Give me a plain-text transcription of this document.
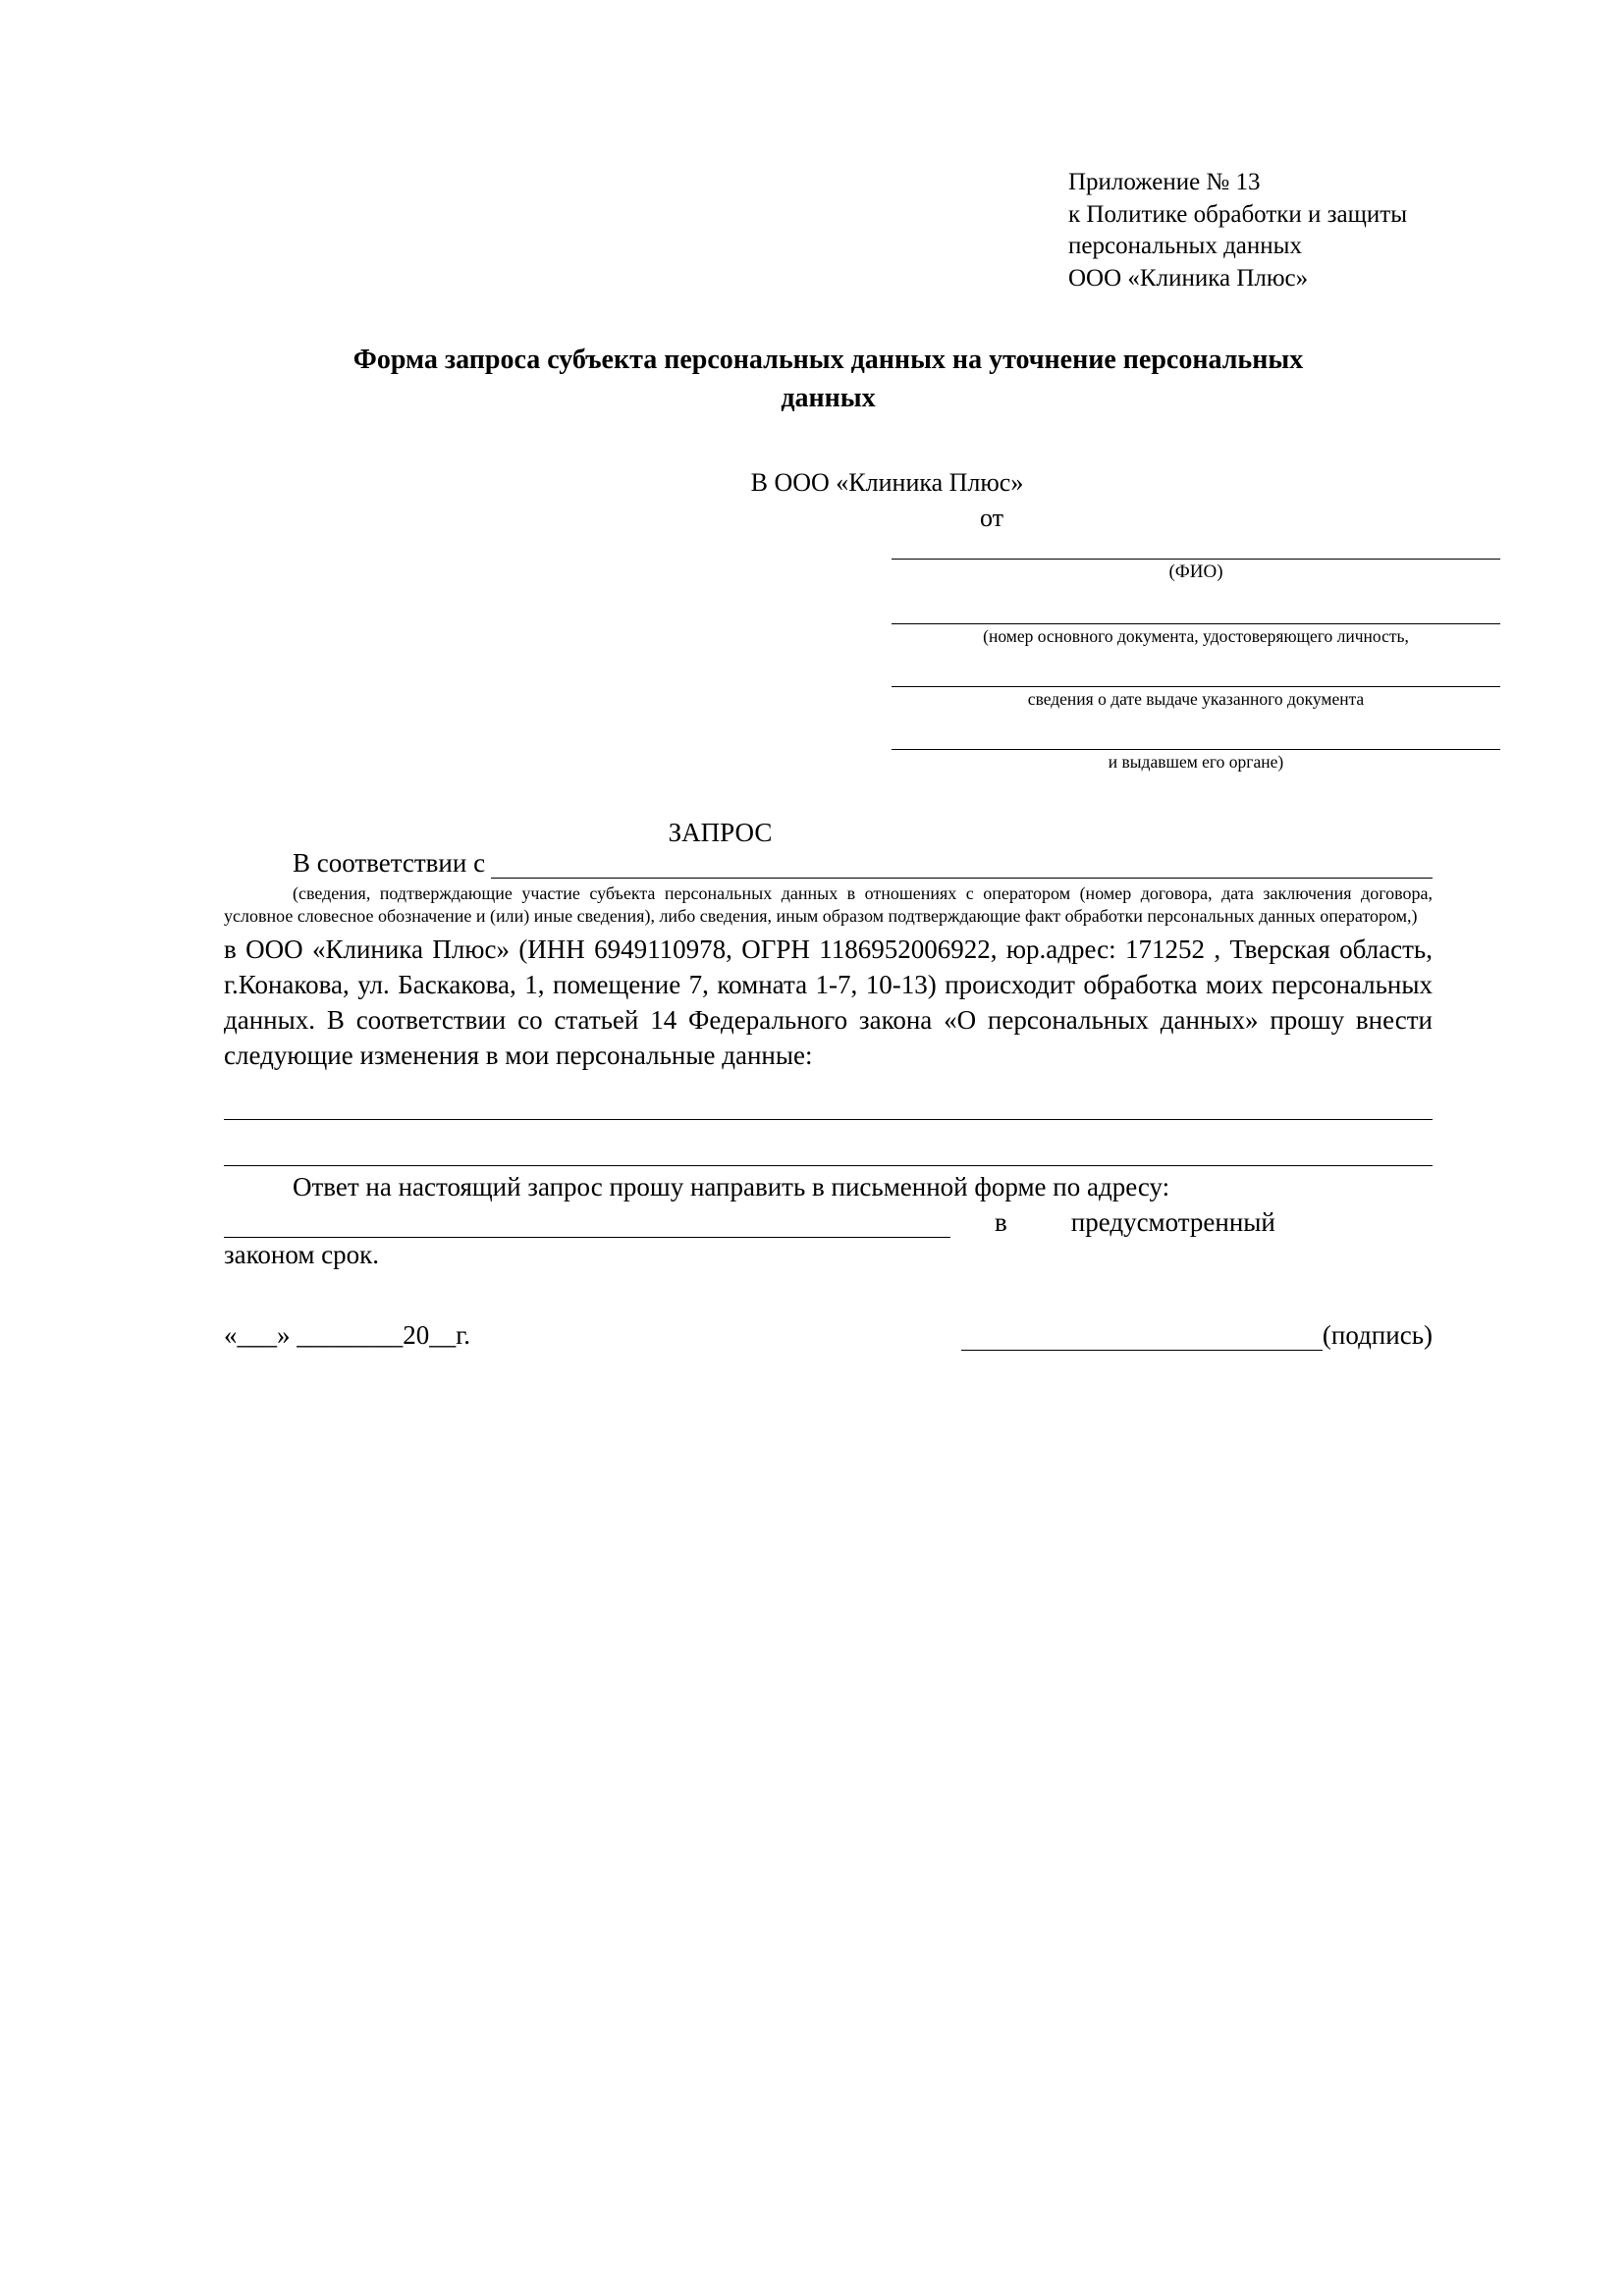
Приложение № 13
к Политике обработки и защиты
персональных данных
ООО «Клиника Плюс»
Форма запроса субъекта персональных данных на уточнение персональных данных
В ООО «Клиника Плюс»
от
(ФИО)
(номер основного документа, удостоверяющего личность,
сведения о дате выдаче указанного документа
и выдавшем его органе)
ЗАПРОС
В соответствии с
(сведения, подтверждающие участие субъекта персональных данных в отношениях с оператором (номер договора, дата заключения договора, условное словесное обозначение и (или) иные сведения), либо сведения, иным образом подтверждающие факт обработки персональных данных оператором,)
в ООО «Клиника Плюс» (ИНН 6949110978, ОГРН 1186952006922, юр.адрес: 171252 , Тверская область, г.Конакова, ул. Баскакова, 1, помещение 7, комната 1-7, 10-13) происходит обработка моих персональных данных. В соответствии со статьей 14 Федерального закона «О персональных данных» прошу внести следующие изменения в мои персональные данные:
Ответ на настоящий запрос прошу направить в письменной форме по адресу:
в	предусмотренный
законом срок.
«___» ________20__г.	(подпись)
